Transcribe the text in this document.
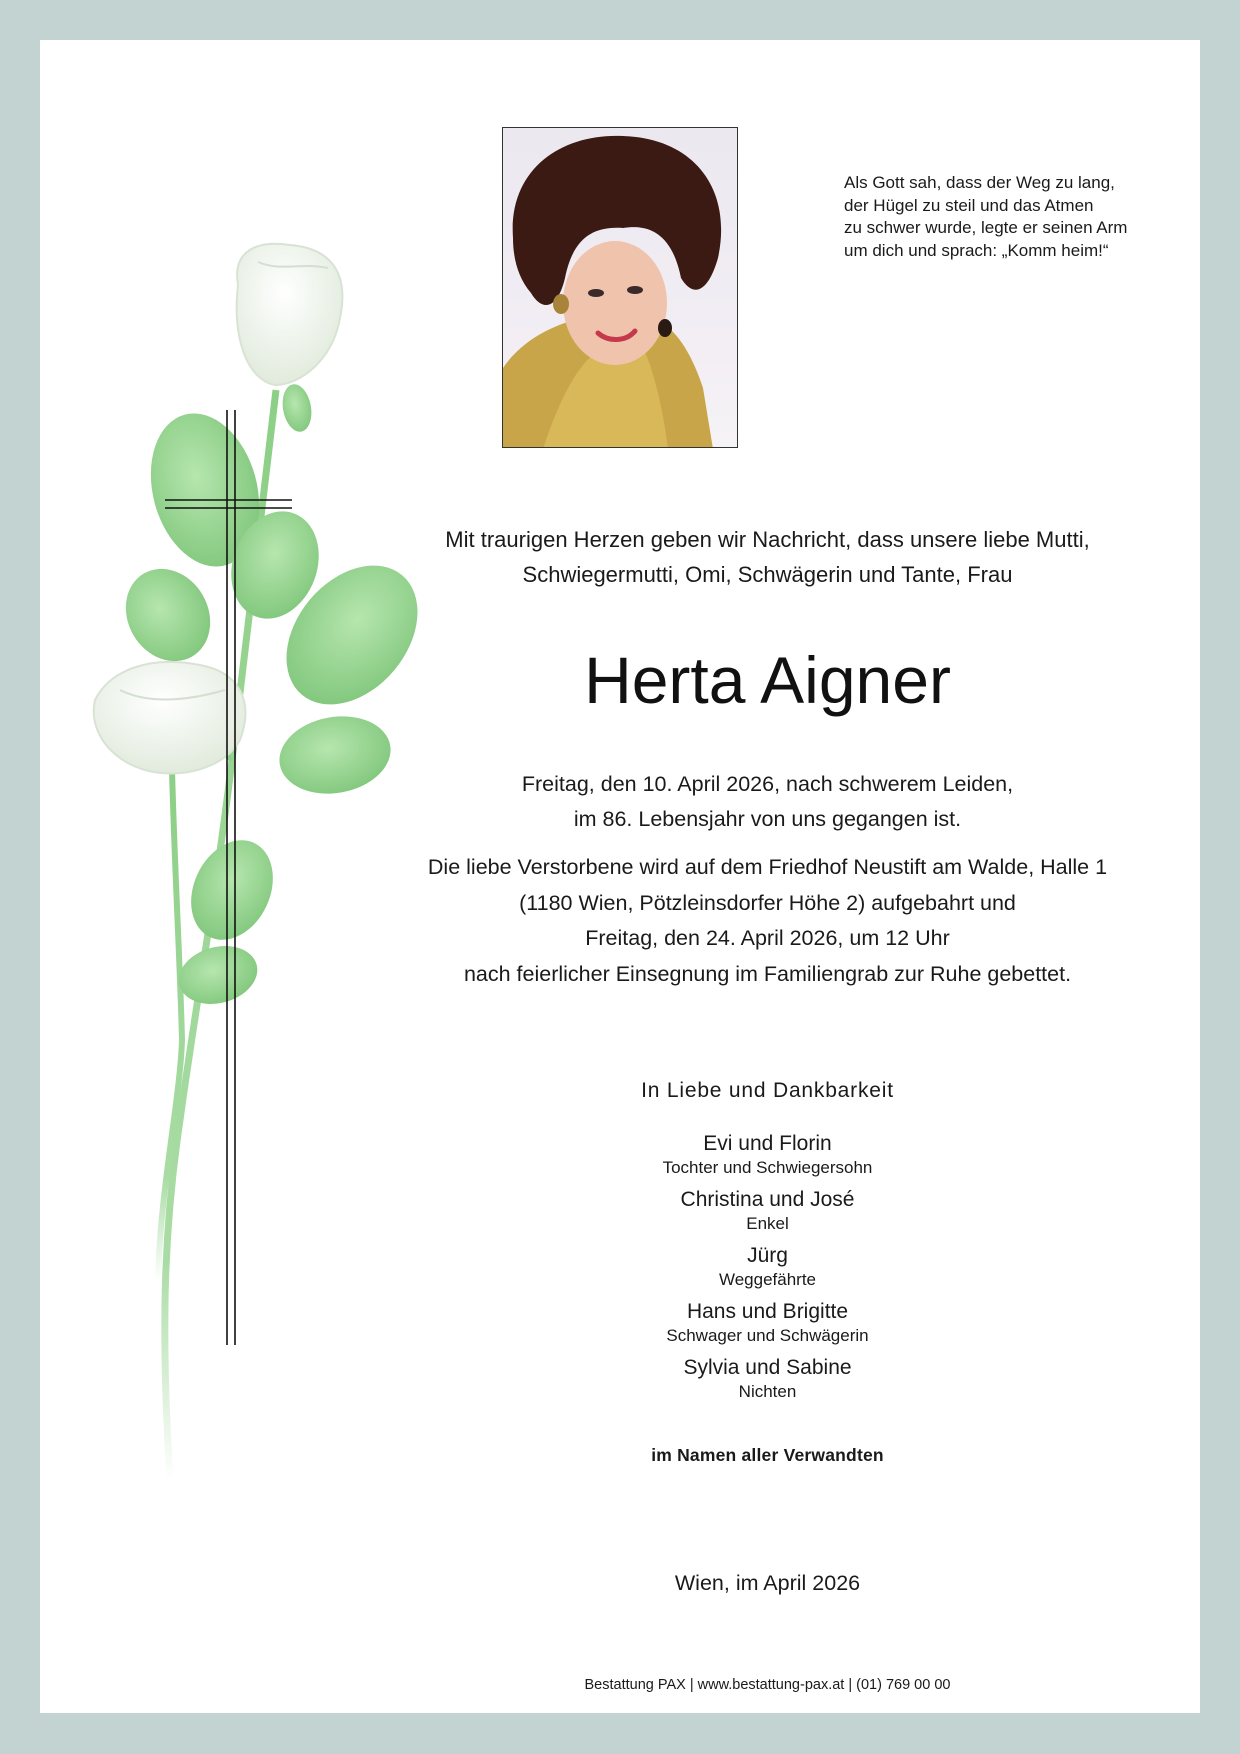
Als Gott sah, dass der Weg zu lang,
der Hügel zu steil und das Atmen
zu schwer wurde, legte er seinen Arm
um dich und sprach: „Komm heim!“
Mit traurigen Herzen geben wir Nachricht, dass unsere liebe Mutti,
Schwiegermutti, Omi, Schwägerin und Tante, Frau
Herta Aigner
Freitag, den 10. April 2026, nach schwerem Leiden,
im 86. Lebensjahr von uns gegangen ist.
Die liebe Verstorbene wird auf dem Friedhof Neustift am Walde, Halle 1
(1180 Wien, Pötzleinsdorfer Höhe 2) aufgebahrt und
Freitag, den 24. April 2026, um 12 Uhr
nach feierlicher Einsegnung im Familiengrab zur Ruhe gebettet.
In Liebe und Dankbarkeit
Evi und Florin
Tochter und Schwiegersohn
Christina und José
Enkel
Jürg
Weggefährte
Hans und Brigitte
Schwager und Schwägerin
Sylvia und Sabine
Nichten
im Namen aller Verwandten
Wien, im April 2026
Bestattung PAX | www.bestattung-pax.at | (01) 769 00 00
